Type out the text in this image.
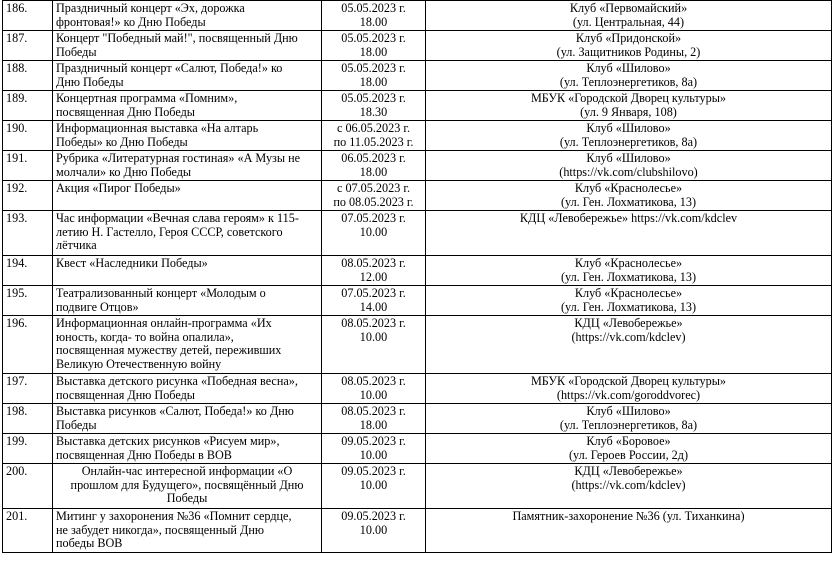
186.	Праздничный концерт «Эх, дорожка
фронтовая!» ко Дню Победы	05.05.2023 г.
18.00	Клуб «Первомайский»
(ул. Центральная, 44)

187.	Концерт "Победный май!", посвященный Дню
Победы	05.05.2023 г.
18.00	Клуб «Придонской»
(ул. Защитников Родины, 2)

188.	Праздничный концерт «Салют, Победа!» ко
Дню Победы	05.05.2023 г.
18.00	Клуб «Шилово»
(ул. Теплоэнергетиков, 8а)

189.	Концертная программа «Помним»,
посвященная Дню Победы	05.05.2023 г.
18.30	МБУК «Городской Дворец культуры»
(ул. 9 Января, 108)

190.	Информационная выставка «На алтарь
Победы» ко Дню Победы	с 06.05.2023 г.
по 11.05.2023 г.	Клуб «Шилово»
(ул. Теплоэнергетиков, 8а)

191.	Рубрика «Литературная гостиная» «А Музы не
молчали» ко Дню Победы	06.05.2023 г.
18.00	Клуб «Шилово»
(https://vk.com/clubshilovo)

192.	Акция «Пирог Победы»	с 07.05.2023 г.
по 08.05.2023 г.	Клуб «Краснолесье»
(ул. Ген. Лохматикова, 13)

193.	Час информации «Вечная слава героям» к 115-
летию Н. Гастелло, Героя СССР, советского
лётчика	07.05.2023 г.
10.00	КДЦ «Левобережье» https://vk.com/kdclev

194.	Квест «Наследники Победы»	08.05.2023 г.
12.00	Клуб «Краснолесье»
(ул. Ген. Лохматикова, 13)

195.	Театрализованный концерт «Молодым о
подвиге Отцов»	07.05.2023 г.
14.00	Клуб «Краснолесье»
(ул. Ген. Лохматикова, 13)

196.	Информационная онлайн-программа «Их
юность, когда- то война опалила»,
посвященная мужеству детей, переживших
Великую Отечественную войну	08.05.2023 г.
10.00	КДЦ «Левобережье»
(https://vk.com/kdclev)

197.	Выставка детского рисунка «Победная весна»,
посвященная Дню Победы	08.05.2023 г.
10.00	МБУК «Городской Дворец культуры»
(https://vk.com/goroddvorec)

198.	Выставка рисунков «Салют, Победа!» ко Дню
Победы	08.05.2023 г.
18.00	Клуб «Шилово»
(ул. Теплоэнергетиков, 8а)

199.	Выставка детских рисунков «Рисуем мир»,
посвященная Дню Победы в ВОВ	09.05.2023 г.
10.00	Клуб «Боровое»
(ул. Героев России, 2д)

200.	Онлайн-час интересной информации «О
прошлом для Будущего», посвящённый Дню
Победы	09.05.2023 г.
10.00	КДЦ «Левобережье»
(https://vk.com/kdclev)

201.	Митинг у захоронения №36 «Помнит сердце,
не забудет никогда», посвященный Дню
победы ВОВ	09.05.2023 г.
10.00	Памятник-захоронение №36 (ул. Тиханкина)
